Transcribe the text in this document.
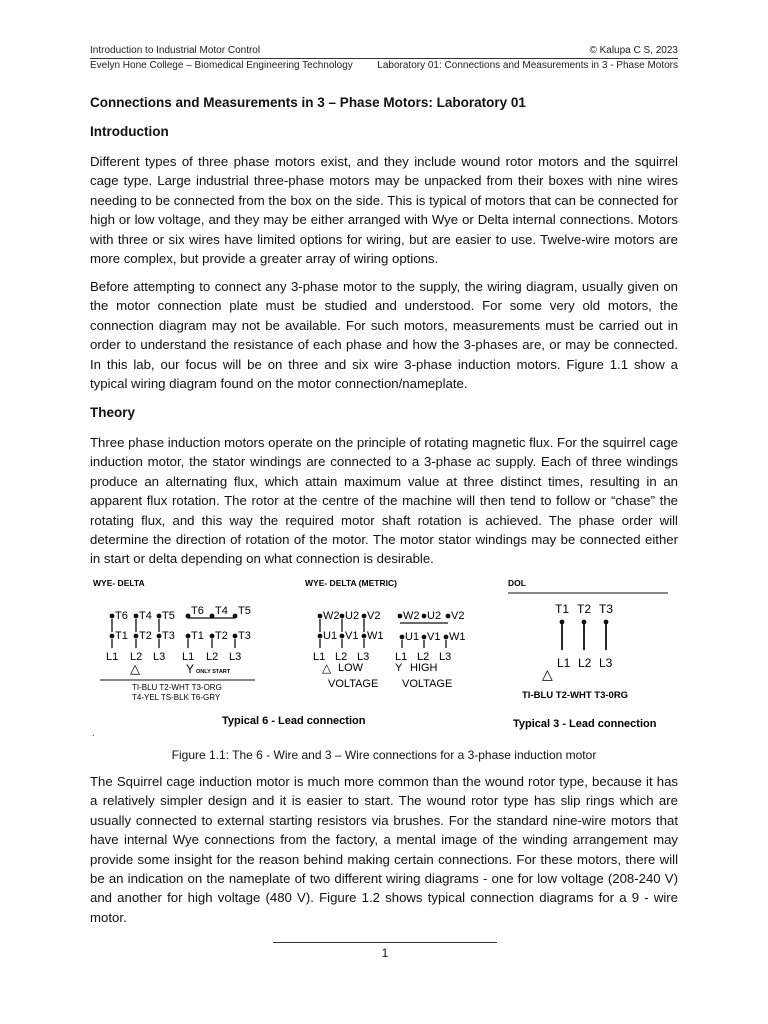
Introduction to Industrial Motor Control	© Kalupa C S, 2023
Evelyn Hone College – Biomedical Engineering Technology Laboratory 01: Connections and Measurements in 3 - Phase Motors
Connections and Measurements in 3 – Phase Motors: Laboratory 01
Introduction

Different types of three phase motors exist, and they include wound rotor motors and the squirrel cage type. Large industrial three-phase motors may be unpacked from their boxes with nine wires needing to be connected from the box on the side. This is typical of motors that can be connected for high or low voltage, and they may be either arranged with Wye or Delta internal connections. Motors with three or six wires have limited options for wiring, but are easier to use. Twelve-wire motors are more complex, but provide a greater array of wiring options.

Before attempting to connect any 3-phase motor to the supply, the wiring diagram, usually given on the motor connection plate must be studied and understood. For some very old motors, the connection diagram may not be available. For such motors, measurements must be carried out in order to understand the resistance of each phase and how the 3-phases are, or may be connected. In this lab, our focus will be on three and six wire 3-phase induction motors. Figure 1.1 show a typical wiring diagram found on the motor connection/nameplate.

Theory

Three phase induction motors operate on the principle of rotating magnetic flux. For the squirrel cage induction motor, the stator windings are connected to a 3-phase ac supply. Each of three windings produce an alternating flux, which attain maximum value at three distinct times, resulting in an apparent flux rotation. The rotor at the centre of the machine will then tend to follow or “chase” the rotating flux, and this way the required motor shaft rotation is achieved. The phase order will determine the direction of rotation of the motor. The motor stator windings may be connected either in start or delta depending on what connection is desirable.

WYE- DELTA	WYE- DELTA (METRIC)	DOL
T6 T4 T5
T1 T2 T3
L1 L2 L3
△
T6 T4 T5
T1 T2 T3
L1 L2 L3
Y ONLY START
TI-BLU T2-WHT T3-ORG
T4-YEL TS-BLK T6-GRY
W2 U2 V2
U1 V1 W1
L1 L2 L3
△ LOW
VOLTAGE
W2 U2 V2
U1 V1 W1
L1 L2 L3
Y HIGH
VOLTAGE
Typical 6 - Lead connection
T1 T2 T3
L1 L2 L3
△
TI-BLU T2-WHT T3-0RG
Typical 3 - Lead connection
.
Figure 1.1: The 6 - Wire and 3 – Wire connections for a 3-phase induction motor

The Squirrel cage induction motor is much more common than the wound rotor type, because it has a relatively simpler design and it is easier to start. The wound rotor type has slip rings which are usually connected to external starting resistors via brushes. For the standard nine-wire motors that have internal Wye connections from the factory, a mental image of the winding arrangement may provide some insight for the reason behind making certain connections. For these motors, there will be an indication on the nameplate of two different wiring diagrams - one for low voltage (208-240 V) and another for high voltage (480 V). Figure 1.2 shows typical connection diagrams for a 9 - wire motor.

1
